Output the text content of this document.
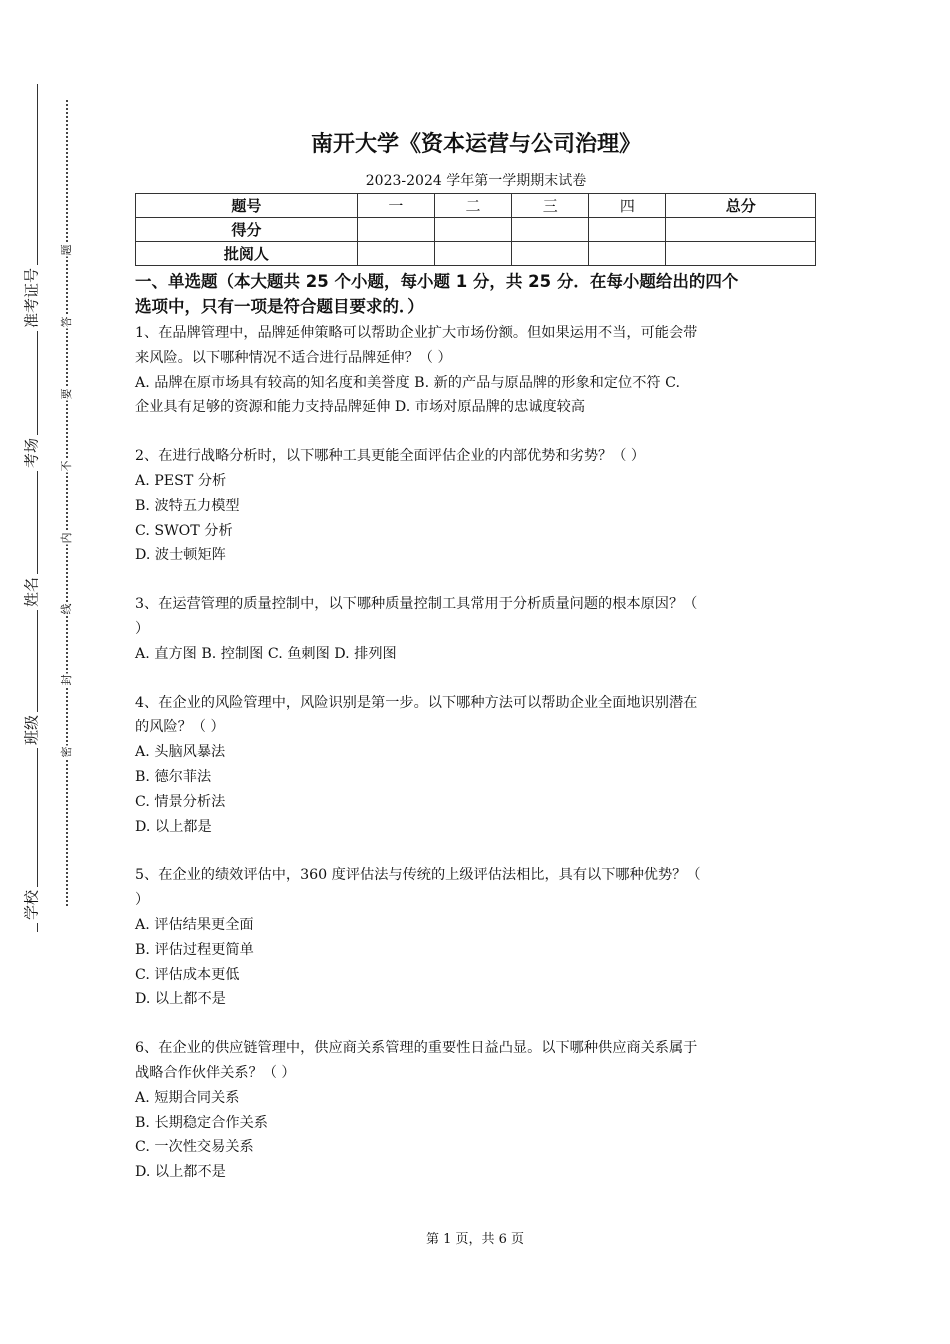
准考证号
考场
姓名
班级
学校
题
答
要
不
内
线
封
密
南开大学《资本运营与公司治理》
2023-2024 学年第一学期期末试卷
题号	一	二	三	四	总分
得分					
批阅人					
一、单选题（本大题共 25 个小题，每小题 1 分，共 25 分．在每小题给出的四个
选项中，只有一项是符合题目要求的．）
1、在品牌管理中，品牌延伸策略可以帮助企业扩大市场份额。但如果运用不当，可能会带
来风险。以下哪种情况不适合进行品牌延伸？（ ）
A. 品牌在原市场具有较高的知名度和美誉度 B. 新的产品与原品牌的形象和定位不符 C.
企业具有足够的资源和能力支持品牌延伸 D. 市场对原品牌的忠诚度较高
2、在进行战略分析时，以下哪种工具更能全面评估企业的内部优势和劣势？（ ）
A. PEST 分析
B. 波特五力模型
C. SWOT 分析
D. 波士顿矩阵
3、在运营管理的质量控制中，以下哪种质量控制工具常用于分析质量问题的根本原因？（
）
A. 直方图 B. 控制图 C. 鱼刺图 D. 排列图
4、在企业的风险管理中，风险识别是第一步。以下哪种方法可以帮助企业全面地识别潜在
的风险？（ ）
A. 头脑风暴法
B. 德尔菲法
C. 情景分析法
D. 以上都是
5、在企业的绩效评估中，360 度评估法与传统的上级评估法相比，具有以下哪种优势？（
）
A. 评估结果更全面
B. 评估过程更简单
C. 评估成本更低
D. 以上都不是
6、在企业的供应链管理中，供应商关系管理的重要性日益凸显。以下哪种供应商关系属于
战略合作伙伴关系？（ ）
A. 短期合同关系
B. 长期稳定合作关系
C. 一次性交易关系
D. 以上都不是
第 1 页，共 6 页
